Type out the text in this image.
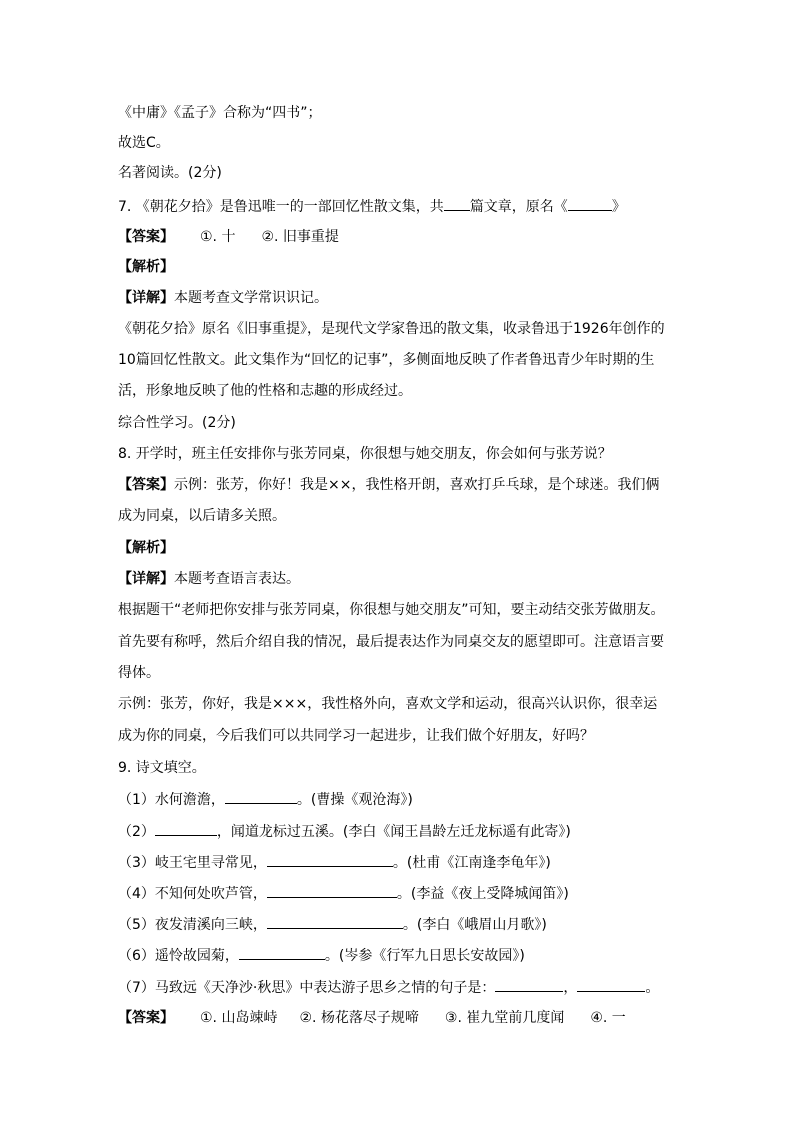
《中庸》《孟子》合称为“四书”；
故选C。
名著阅读。(2分)
7. 《朝花夕拾》是鲁迅唯一的一部回忆性散文集，共 篇文章，原名《	》
【答案】 ①. 十 ②. 旧事重提
【解析】
【详解】本题考查文学常识识记。
《朝花夕拾》原名《旧事重提》，是现代文学家鲁迅的散文集，收录鲁迅于1926年创作的
10篇回忆性散文。此文集作为“回忆的记事”，多侧面地反映了作者鲁迅青少年时期的生
活，形象地反映了他的性格和志趣的形成经过。
综合性学习。(2分)
8. 开学时，班主任安排你与张芳同桌，你很想与她交朋友，你会如何与张芳说？
【答案】示例：张芳，你好！我是××，我性格开朗，喜欢打乒乓球，是个球迷。我们俩
成为同桌，以后请多关照。
【解析】
【详解】本题考查语言表达。
根据题干“老师把你安排与张芳同桌，你很想与她交朋友”可知，要主动结交张芳做朋友。
首先要有称呼，然后介绍自我的情况，最后提表达作为同桌交友的愿望即可。注意语言要
得体。
示例：张芳，你好，我是×××，我性格外向，喜欢文学和运动，很高兴认识你，很幸运
成为你的同桌，今后我们可以共同学习一起进步，让我们做个好朋友，好吗？
9. 诗文填空。
（1）水何澹澹，	。(曹操《观沧海》)
（2）	，闻道龙标过五溪。(李白《闻王昌龄左迁龙标遥有此寄》)
（3）岐王宅里寻常见，	。(杜甫《江南逢李龟年》)
（4）不知何处吹芦管，	。(李益《夜上受降城闻笛》)
（5）夜发清溪向三峡，	。(李白《峨眉山月歌》)
（6）遥怜故园菊，	。(岑参《行军九日思长安故园》)
（7）马致远《天净沙·秋思》中表达游子思乡之情的句子是：	，	。
【答案】 ①. 山岛竦峙 ②. 杨花落尽子规啼 ③. 崔九堂前几度闻 ④. 一
